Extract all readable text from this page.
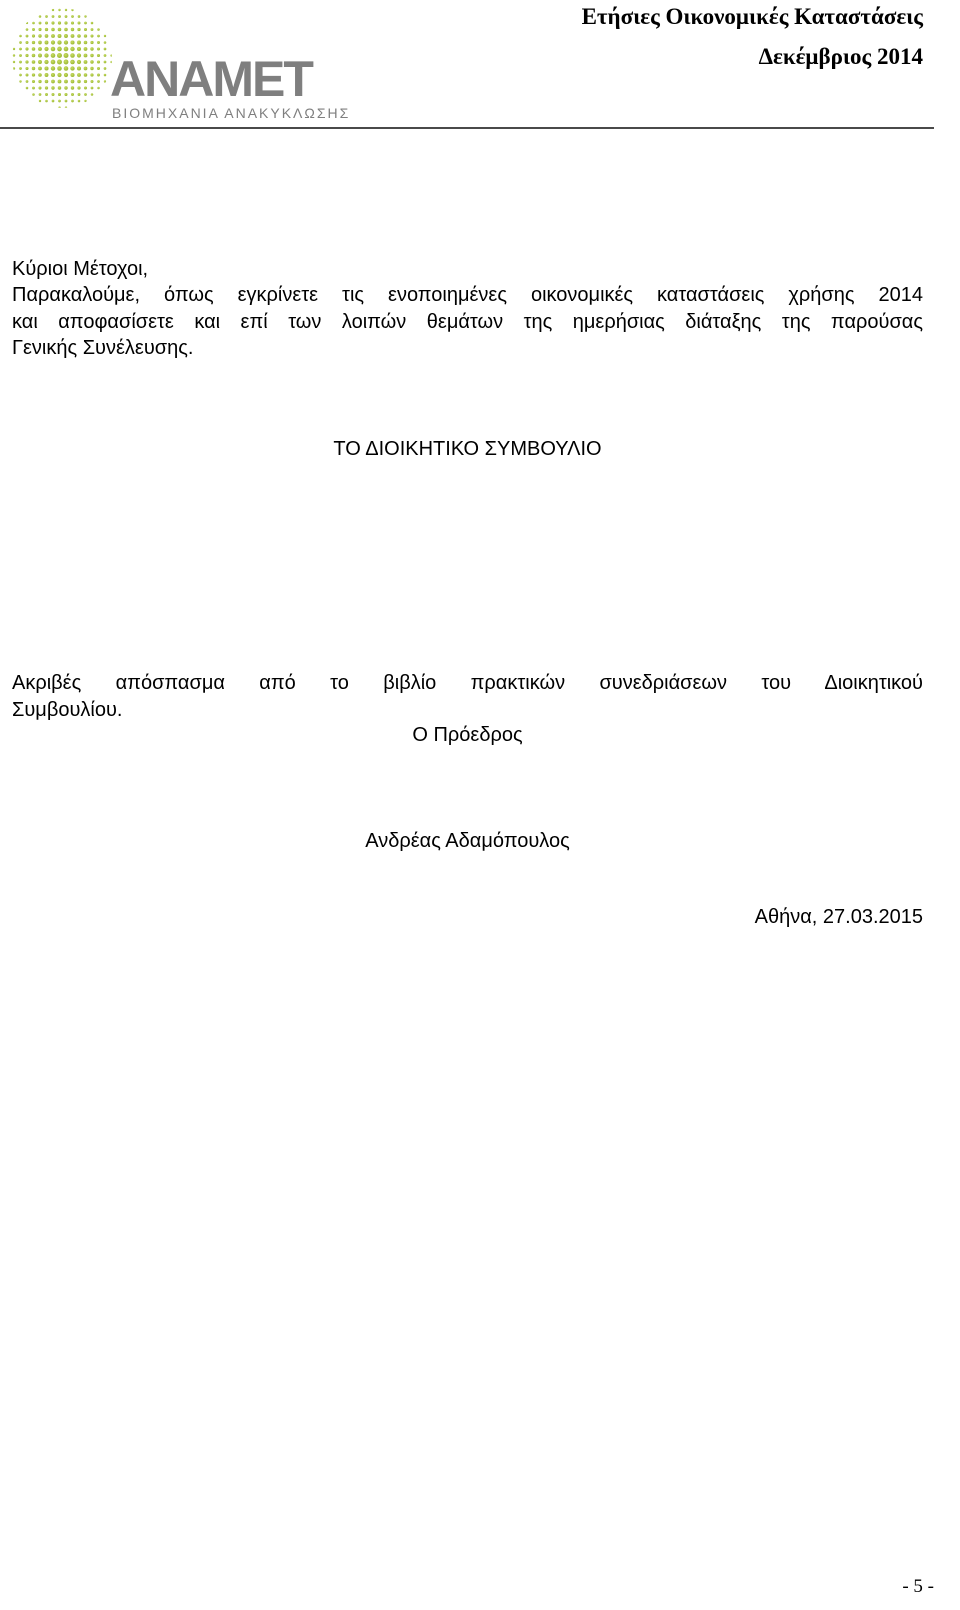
ANAMET
ΒΙΟΜΗΧΑΝΙΑ ΑΝΑΚΥΚΛΩΣΗΣ
Ετήσιες Οικονομικές Καταστάσεις
Δεκέμβριος 2014

Κύριοι Μέτοχοι,

Παρακαλούμε, όπως εγκρίνετε τις ενοποιημένες οικονομικές καταστάσεις χρήσης 2014
και αποφασίσετε και επί των λοιπών θεμάτων της ημερήσιας διάταξης της παρούσας
Γενικής Συνέλευσης.

ΤΟ ΔΙΟΙΚΗΤΙΚΟ ΣΥΜΒΟΥΛΙΟ

Ακριβές απόσπασμα από το βιβλίο πρακτικών συνεδριάσεων του Διοικητικού
Συμβουλίου.

Ο Πρόεδρος

Ανδρέας Αδαμόπουλος

Αθήνα, 27.03.2015
- 5 -
